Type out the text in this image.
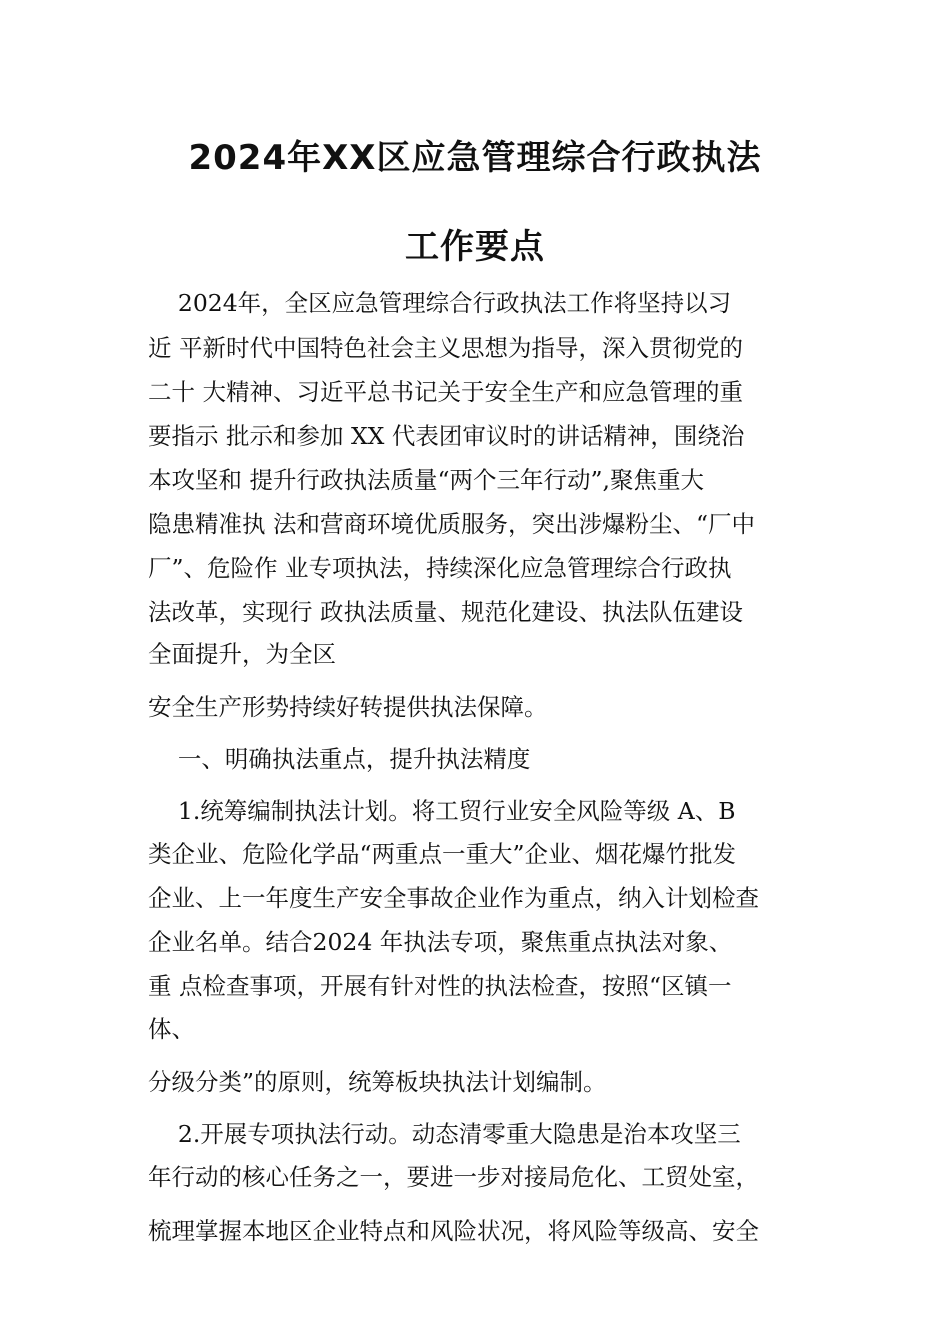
2024年XX区应急管理综合行政执法
工作要点
2024年，全区应急管理综合行政执法工作将坚持以习
近 平新时代中国特色社会主义思想为指导，深入贯彻党的
二十 大精神、习近平总书记关于安全生产和应急管理的重
要指示 批示和参加 XX 代表团审议时的讲话精神，围绕治
本攻坚和 提升行政执法质量“两个三年行动”,聚焦重大
隐患精准执 法和营商环境优质服务，突出涉爆粉尘、“厂中
厂”、危险作 业专项执法，持续深化应急管理综合行政执
法改革，实现行 政执法质量、规范化建设、执法队伍建设
全面提升，为全区
安全生产形势持续好转提供执法保障。
一、明确执法重点，提升执法精度
1.统筹编制执法计划。将工贸行业安全风险等级 A、B
类企业、危险化学品“两重点一重大”企业、烟花爆竹批发
企业、上一年度生产安全事故企业作为重点，纳入计划检查
企业名单。结合2024 年执法专项，聚焦重点执法对象、
重 点检查事项，开展有针对性的执法检查，按照“区镇一
体、
分级分类”的原则，统筹板块执法计划编制。
2.开展专项执法行动。动态清零重大隐患是治本攻坚三
年行动的核心任务之一，要进一步对接局危化、工贸处室，
梳理掌握本地区企业特点和风险状况，将风险等级高、安全
